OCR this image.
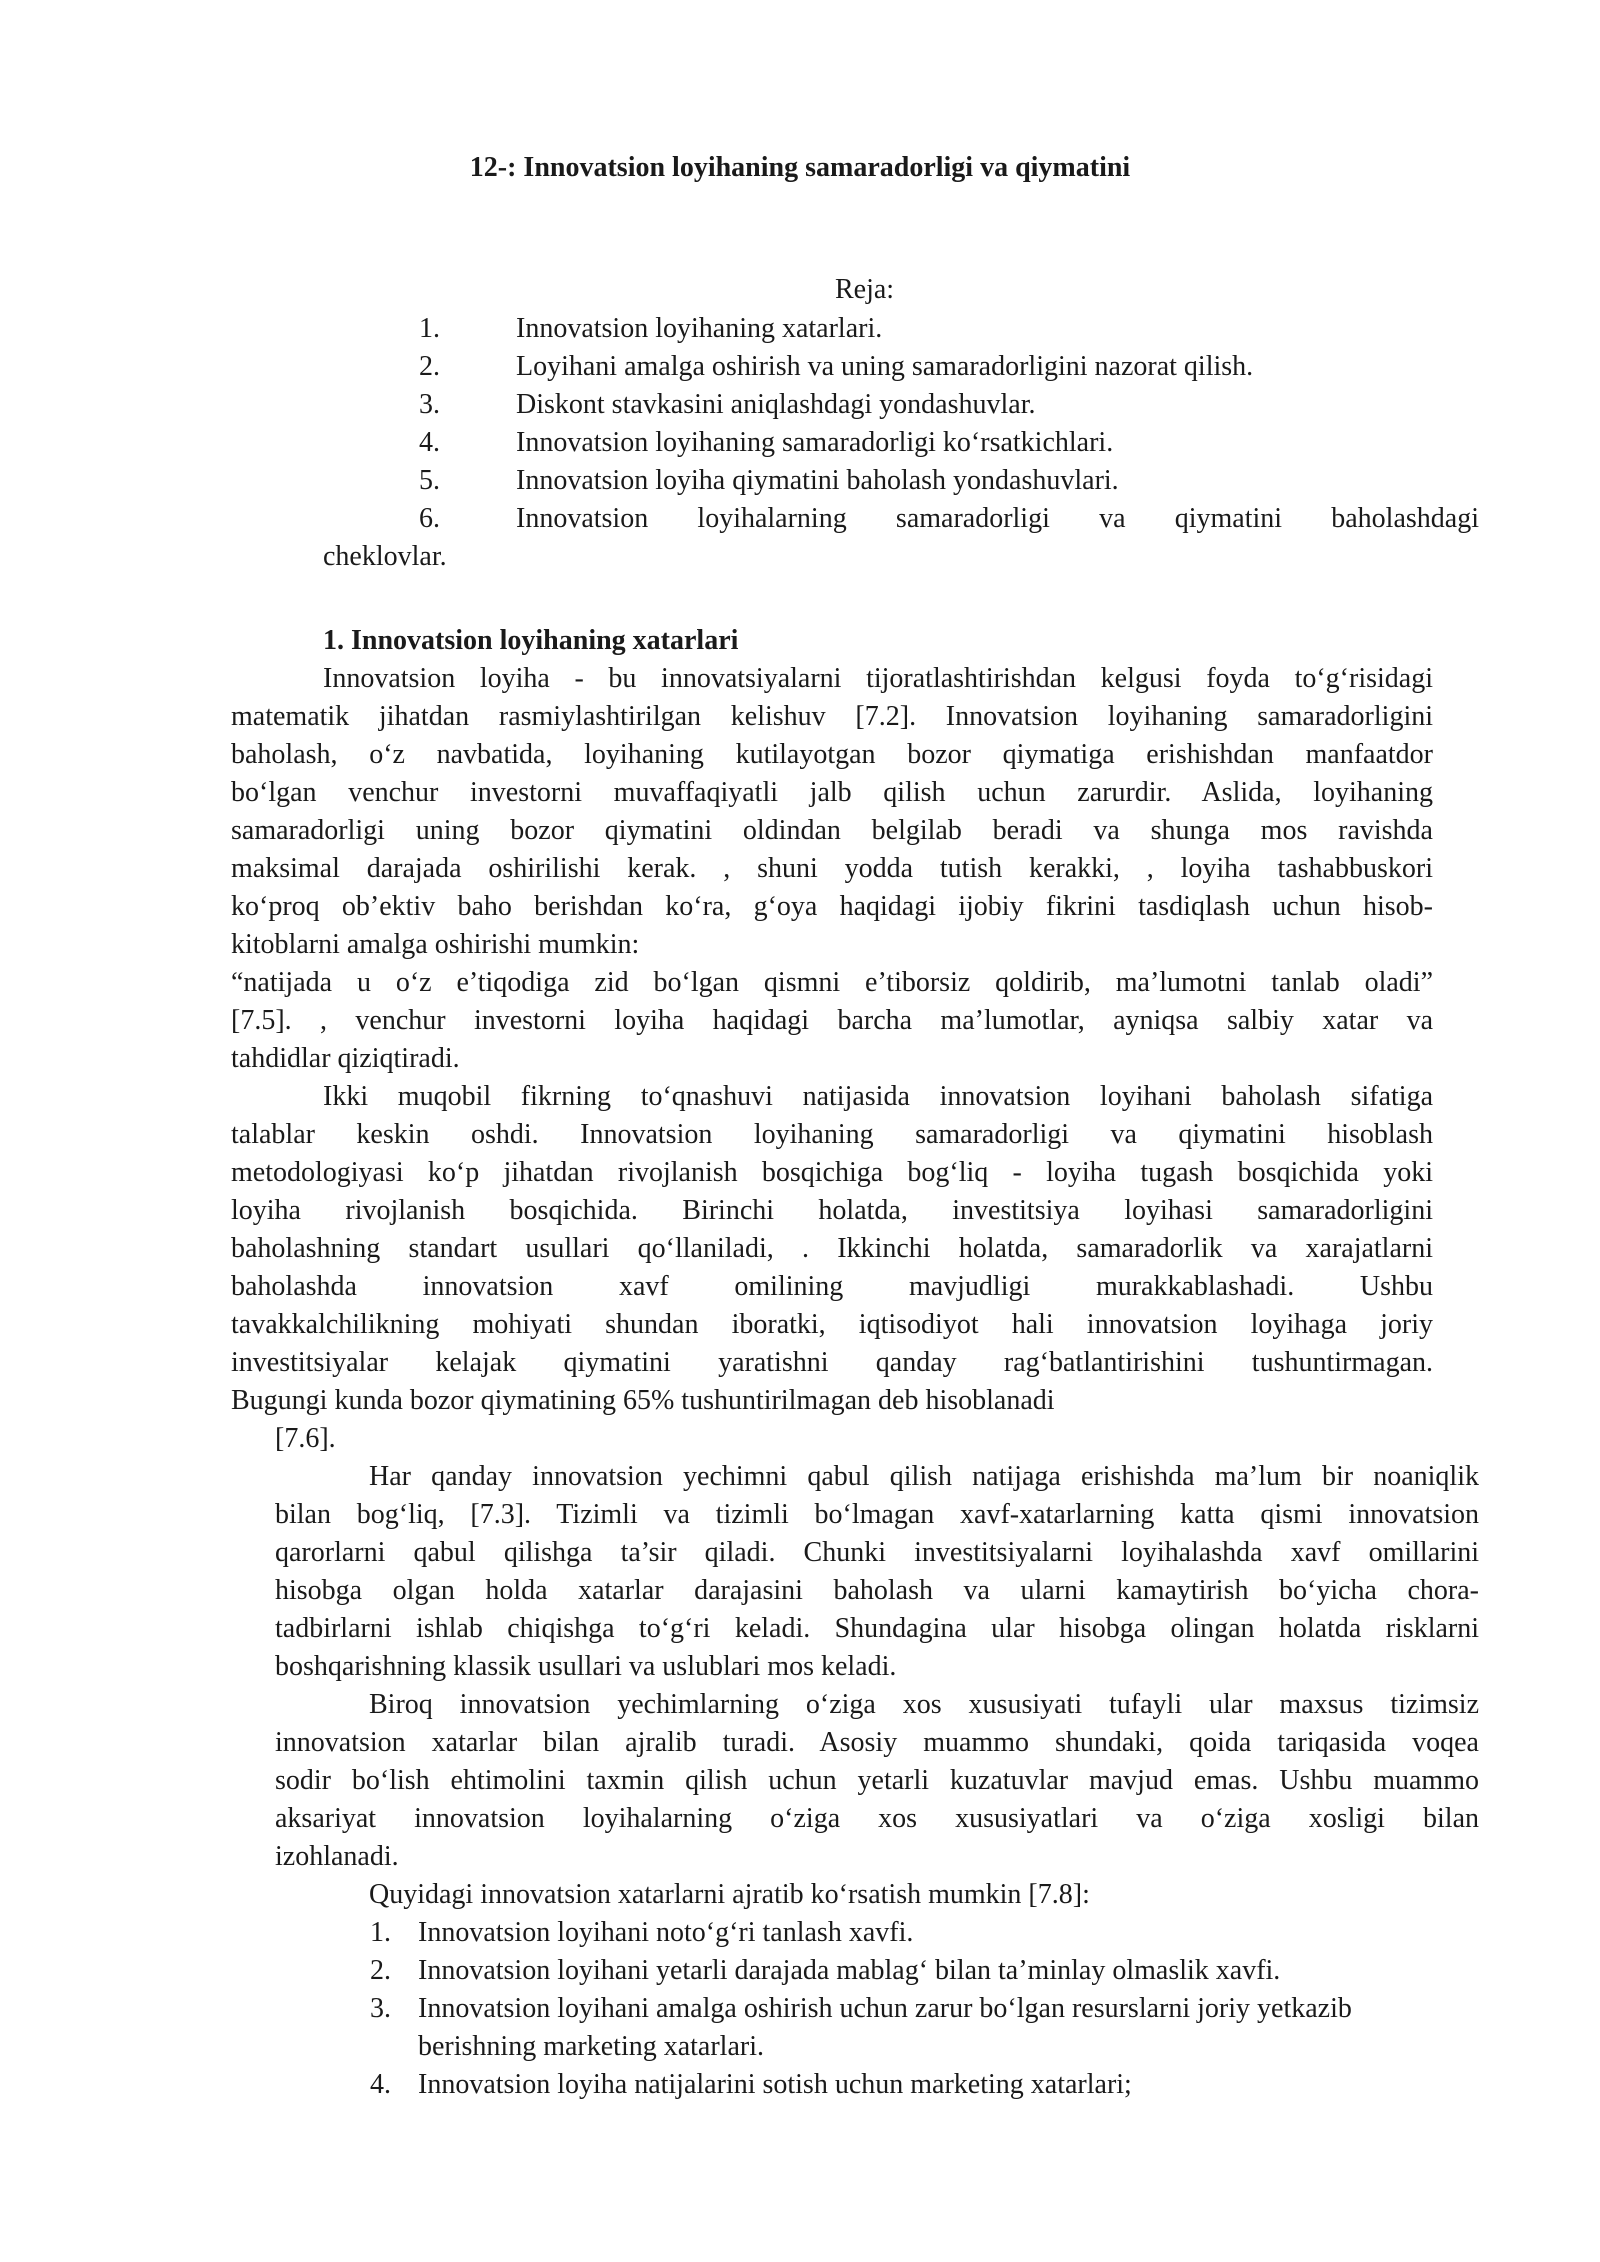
12-: Innovatsion loyihaning samaradorligi va qiymatini
Reja:
1.	Innovatsion loyihaning xatarlari.
2.	Loyihani amalga oshirish va uning samaradorligini nazorat qilish.
3.	Diskont stavkasini aniqlashdagi yondashuvlar.
4.	Innovatsion loyihaning samaradorligi ko‘rsatkichlari.
5.	Innovatsion loyiha qiymatini baholash yondashuvlari.
6.	Innovatsion loyihalarning samaradorligi va qiymatini baholashdagi
cheklovlar.
1. Innovatsion loyihaning xatarlari
Innovatsion loyiha - bu innovatsiyalarni tijoratlashtirishdan kelgusi foyda to‘g‘risidagi
matematik jihatdan rasmiylashtirilgan kelishuv [7.2]. Innovatsion loyihaning samaradorligini
baholash, o‘z navbatida, loyihaning kutilayotgan bozor qiymatiga erishishdan manfaatdor
bo‘lgan venchur investorni muvaffaqiyatli jalb qilish uchun zarurdir. Aslida, loyihaning
samaradorligi uning bozor qiymatini oldindan belgilab beradi va shunga mos ravishda
maksimal darajada oshirilishi kerak. , shuni yodda tutish kerakki, , loyiha tashabbuskori
ko‘proq ob’ektiv baho berishdan ko‘ra, g‘oya haqidagi ijobiy fikrini tasdiqlash uchun hisob-
kitoblarni amalga oshirishi mumkin:
“natijada u o‘z e’tiqodiga zid bo‘lgan qismni e’tiborsiz qoldirib, ma’lumotni tanlab oladi”
[7.5]. , venchur investorni loyiha haqidagi barcha ma’lumotlar, ayniqsa salbiy xatar va
tahdidlar qiziqtiradi.
Ikki muqobil fikrning to‘qnashuvi natijasida innovatsion loyihani baholash sifatiga
talablar keskin oshdi. Innovatsion loyihaning samaradorligi va qiymatini hisoblash
metodologiyasi ko‘p jihatdan rivojlanish bosqichiga bog‘liq - loyiha tugash bosqichida yoki
loyiha rivojlanish bosqichida. Birinchi holatda, investitsiya loyihasi samaradorligini
baholashning standart usullari qo‘llaniladi, . Ikkinchi holatda, samaradorlik va xarajatlarni
baholashda innovatsion xavf omilining mavjudligi murakkablashadi. Ushbu
tavakkalchilikning mohiyati shundan iboratki, iqtisodiyot hali innovatsion loyihaga joriy
investitsiyalar kelajak qiymatini yaratishni qanday rag‘batlantirishini tushuntirmagan.
Bugungi kunda bozor qiymatining 65% tushuntirilmagan deb hisoblanadi
[7.6].
Har qanday innovatsion yechimni qabul qilish natijaga erishishda ma’lum bir noaniqlik
bilan bog‘liq, [7.3]. Tizimli va tizimli bo‘lmagan xavf-xatarlarning katta qismi innovatsion
qarorlarni qabul qilishga ta’sir qiladi. Chunki investitsiyalarni loyihalashda xavf omillarini
hisobga olgan holda xatarlar darajasini baholash va ularni kamaytirish bo‘yicha chora-
tadbirlarni ishlab chiqishga to‘g‘ri keladi. Shundagina ular hisobga olingan holatda risklarni
boshqarishning klassik usullari va uslublari mos keladi.
Biroq innovatsion yechimlarning o‘ziga xos xususiyati tufayli ular maxsus tizimsiz
innovatsion xatarlar bilan ajralib turadi. Asosiy muammo shundaki, qoida tariqasida voqea
sodir bo‘lish ehtimolini taxmin qilish uchun yetarli kuzatuvlar mavjud emas. Ushbu muammo
aksariyat innovatsion loyihalarning o‘ziga xos xususiyatlari va o‘ziga xosligi bilan
izohlanadi.
Quyidagi innovatsion xatarlarni ajratib ko‘rsatish mumkin [7.8]:
1. Innovatsion loyihani noto‘g‘ri tanlash xavfi.
2. Innovatsion loyihani yetarli darajada mablag‘ bilan ta’minlay olmaslik xavfi.
3. Innovatsion loyihani amalga oshirish uchun zarur bo‘lgan resurslarni joriy yetkazib
berishning marketing xatarlari.
4. Innovatsion loyiha natijalarini sotish uchun marketing xatarlari;
